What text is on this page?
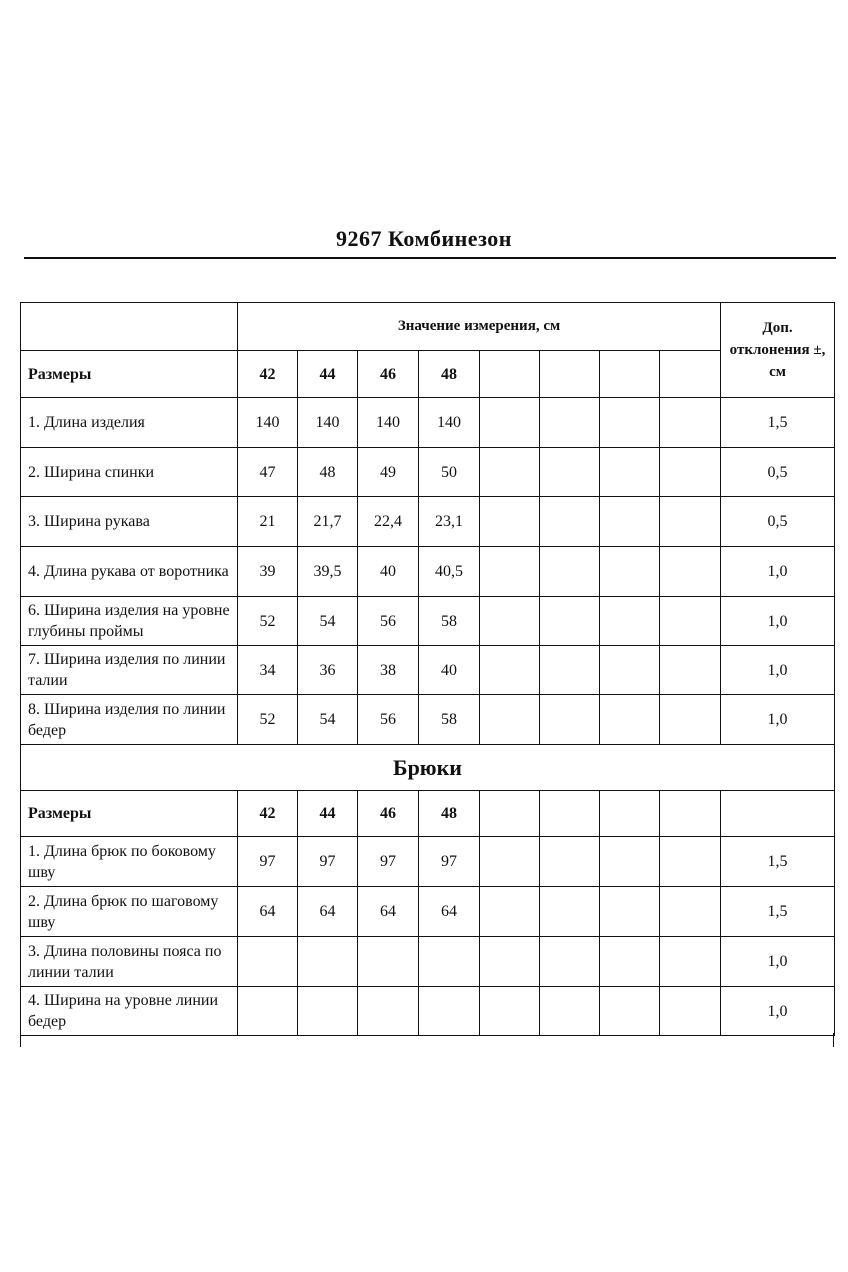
9267 Комбинезон
	Значение измерения, см								Доп. отклонения ±, см
Размеры	42	44	46	48					
1. Длина изделия	140	140	140	140					1,5
2. Ширина спинки	47	48	49	50					0,5
3. Ширина рукава	21	21,7	22,4	23,1					0,5
4. Длина рукава от воротника	39	39,5	40	40,5					1,0
6. Ширина изделия на уровне глубины проймы	52	54	56	58					1,0
7. Ширина изделия по линии талии	34	36	38	40					1,0
8. Ширина изделия по линии бедер	52	54	56	58					1,0
Брюки									
Размеры	42	44	46	48					
1. Длина брюк по боковому шву	97	97	97	97					1,5
2. Длина брюк по шаговому шву	64	64	64	64					1,5
3. Длина половины пояса по линии талии									1,0
4. Ширина на уровне линии бедер									1,0
